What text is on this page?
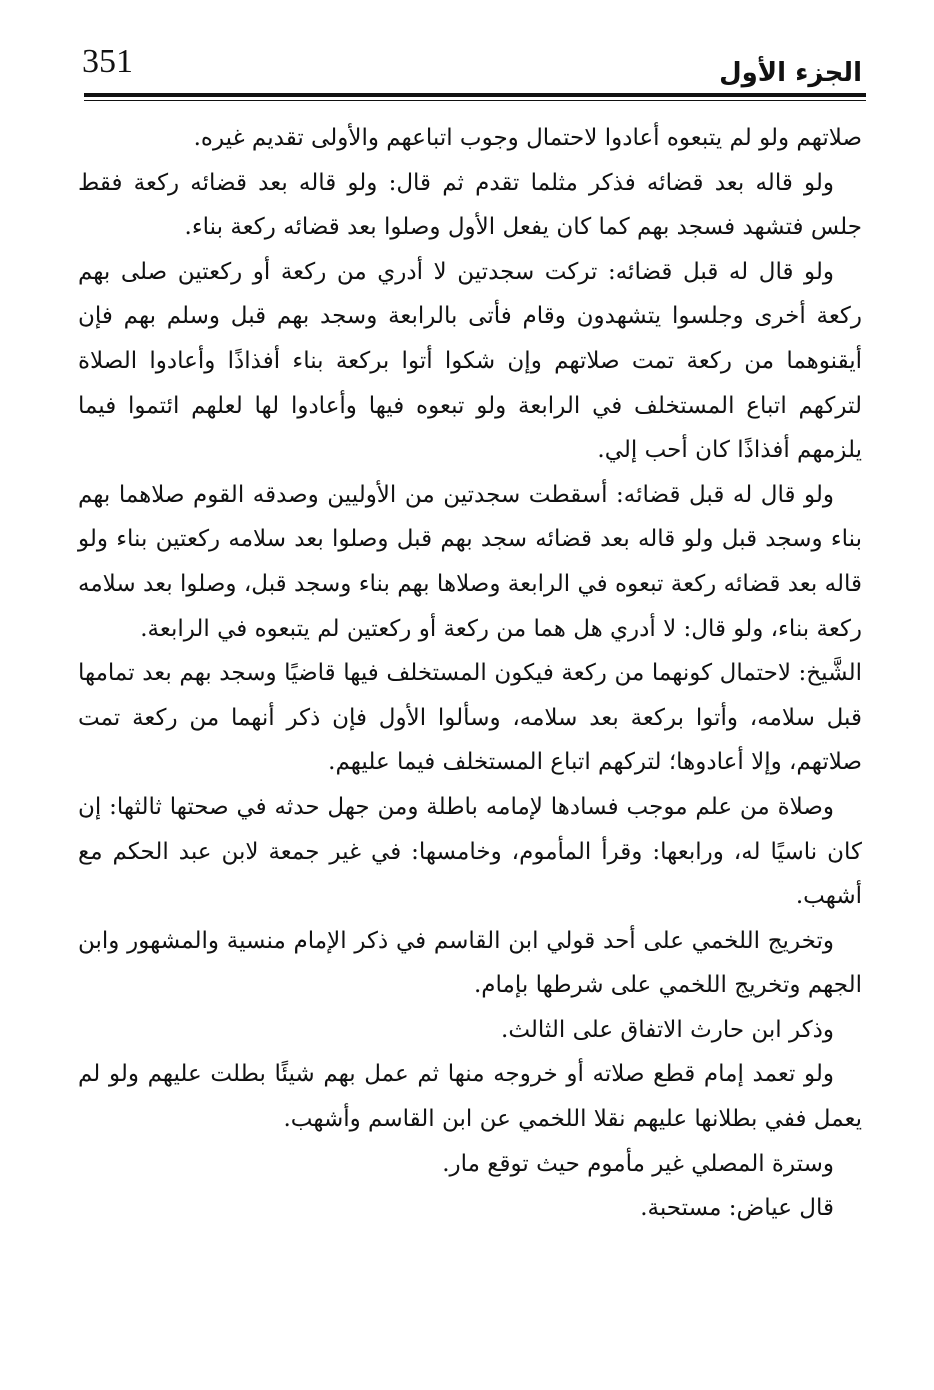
351	الجزء الأول

صلاتهم ولو لم يتبعوه أعادوا لاحتمال وجوب اتباعهم والأولى تقديم غيره.

ولو قاله بعد قضائه فذكر مثلما تقدم ثم قال: ولو قاله بعد قضائه ركعة فقط جلس فتشهد فسجد بهم كما كان يفعل الأول وصلوا بعد قضائه ركعة بناء.

ولو قال له قبل قضائه: تركت سجدتين لا أدري من ركعة أو ركعتين صلى بهم ركعة أخرى وجلسوا يتشهدون وقام فأتى بالرابعة وسجد بهم قبل وسلم بهم فإن أيقنوهما من ركعة تمت صلاتهم وإن شكوا أتوا بركعة بناء أفذاذًا وأعادوا الصلاة لتركهم اتباع المستخلف في الرابعة ولو تبعوه فيها وأعادوا لها لعلهم ائتموا فيما يلزمهم أفذاذًا كان أحب إلي.

ولو قال له قبل قضائه: أسقطت سجدتين من الأوليين وصدقه القوم صلاهما بهم بناء وسجد قبل ولو قاله بعد قضائه سجد بهم قبل وصلوا بعد سلامه ركعتين بناء ولو قاله بعد قضائه ركعة تبعوه في الرابعة وصلاها بهم بناء وسجد قبل، وصلوا بعد سلامه ركعة بناء، ولو قال: لا أدري هل هما من ركعة أو ركعتين لم يتبعوه في الرابعة.

الشَّيخ: لاحتمال كونهما من ركعة فيكون المستخلف فيها قاضيًا وسجد بهم بعد تمامها قبل سلامه، وأتوا بركعة بعد سلامه، وسألوا الأول فإن ذكر أنهما من ركعة تمت صلاتهم، وإلا أعادوها؛ لتركهم اتباع المستخلف فيما عليهم.

وصلاة من علم موجب فسادها لإمامه باطلة ومن جهل حدثه في صحتها ثالثها: إن كان ناسيًا له، ورابعها: وقرأ المأموم، وخامسها: في غير جمعة لابن عبد الحكم مع أشهب.

وتخريج اللخمي على أحد قولي ابن القاسم في ذكر الإمام منسية والمشهور وابن الجهم وتخريج اللخمي على شرطها بإمام.

وذكر ابن حارث الاتفاق على الثالث.

ولو تعمد إمام قطع صلاته أو خروجه منها ثم عمل بهم شيئًا بطلت عليهم ولو لم يعمل ففي بطلانها عليهم نقلا اللخمي عن ابن القاسم وأشهب.

وسترة المصلي غير مأموم حيث توقع مار.

قال عياض: مستحبة.
